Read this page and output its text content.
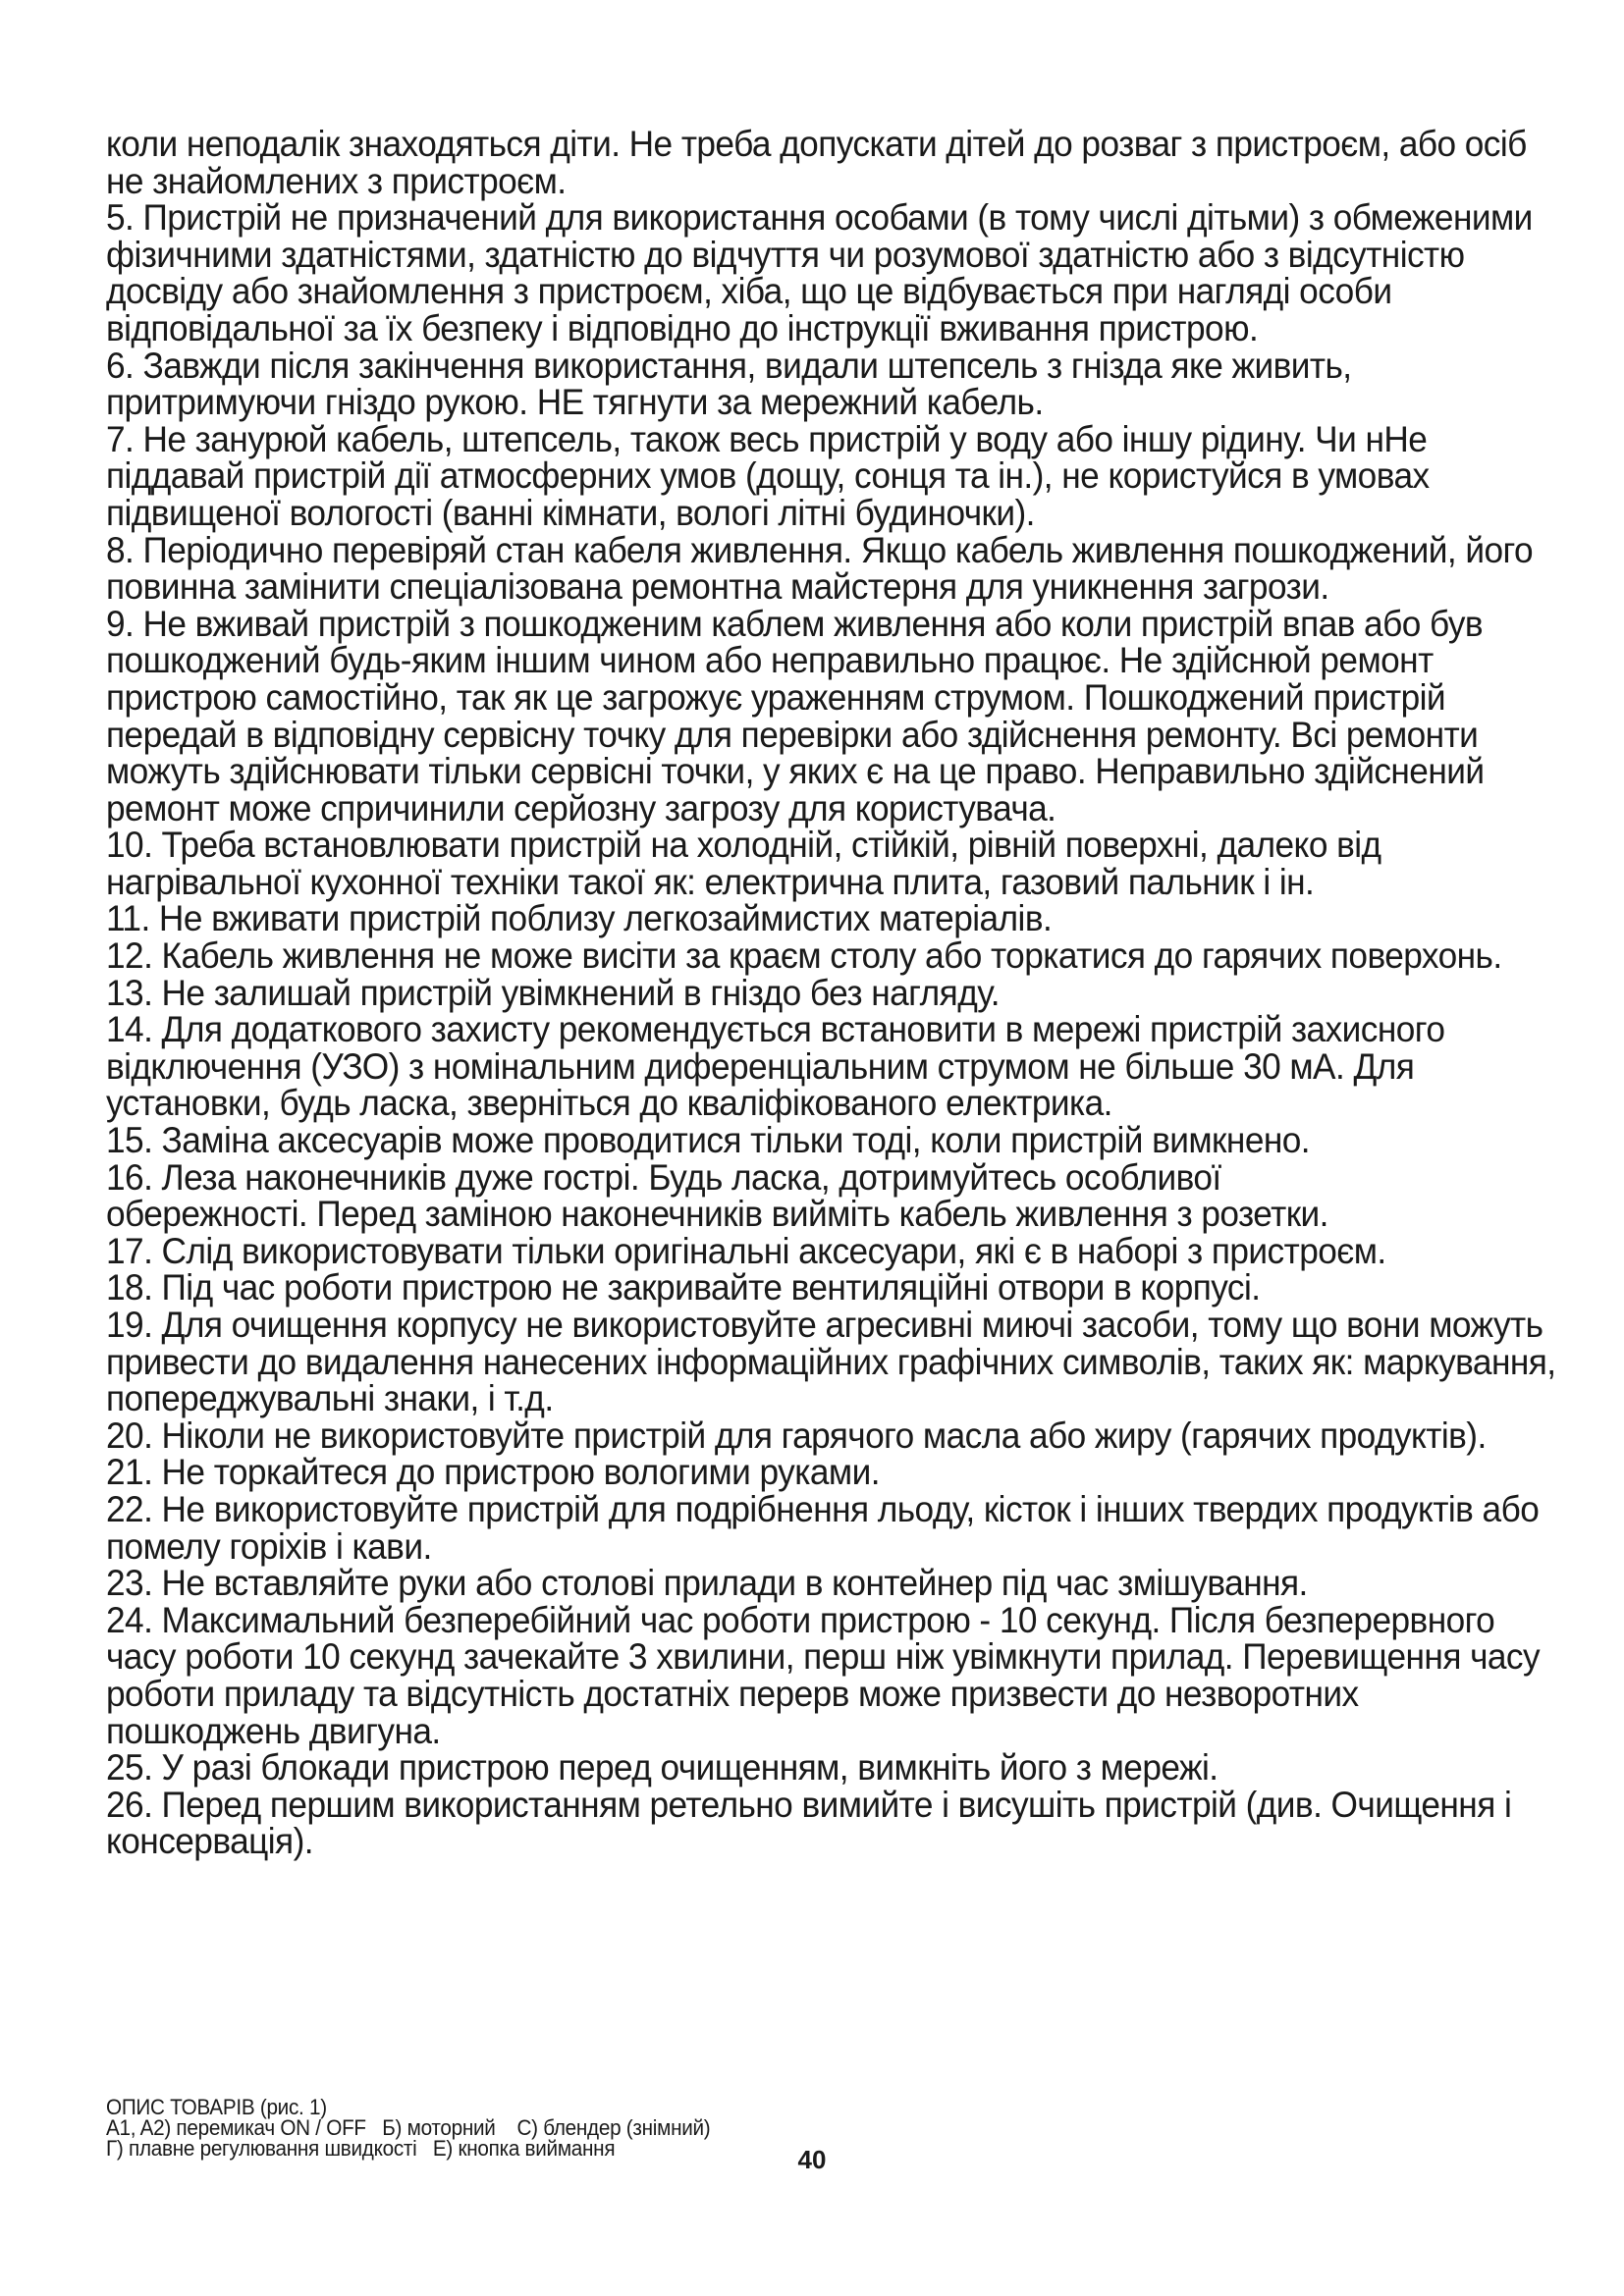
коли неподалік знаходяться діти. Не треба допускати дітей до розваг з пристроєм, або осіб не знайомлених з пристроєм.

5. Пристрій не призначений для використання особами (в тому числі дітьми) з обмеженими фізичними здатністями, здатністю до відчуття чи розумової здатністю або з відсутністю досвіду або знайомлення з пристроєм, хіба, що це відбувається при нагляді особи відповідальної за їх безпеку і відповідно до інструкції вживання пристрою.

6. Завжди після закінчення використання, видали штепсель з гнізда яке живить, притримуючи гніздо рукою. НЕ тягнути за мережний кабель.

7. Не занурюй кабель, штепсель, також весь пристрій у воду або іншу рідину. Чи нНе піддавай пристрій дії атмосферних умов (дощу, сонця та ін.), не користуйся в умовах підвищеної вологості (ванні кімнати, вологі літні будиночки).

8. Періодично перевіряй стан кабеля живлення. Якщо кабель живлення пошкоджений, його повинна замінити спеціалізована ремонтна майстерня для уникнення загрози.

9. Не вживай пристрій з пошкодженим каблем живлення або коли пристрій впав або був пошкоджений будь-яким іншим чином або неправильно працює. Не здійснюй ремонт пристрою самостійно, так як це загрожує ураженням струмом. Пошкоджений пристрій передай в відповідну сервісну точку для перевірки або здійснення ремонту. Всі ремонти можуть здійснювати тільки сервісні точки, у яких є на це право. Неправильно здійснений ремонт може спричинили серйозну загрозу для користувача.

10. Треба встановлювати пристрій на холодній, стійкій, рівній поверхні, далеко від нагрівальної кухонної техніки такої як: електрична плита, газовий пальник і ін.

11. Не вживати пристрій поблизу легкозаймистих матеріалів.

12. Кабель живлення не може висіти за краєм столу або торкатися до гарячих поверхонь.

13. Не залишай пристрій увімкнений в гніздо без нагляду.

14. Для додаткового захисту рекомендується встановити в мережі пристрій захисного відключення (УЗО) з номінальним диференціальним струмом не більше 30 мА. Для установки, будь ласка, зверніться до кваліфікованого електрика.

15. Заміна аксесуарів може проводитися тільки тоді, коли пристрій вимкнено.

16. Леза наконечників дуже гострі. Будь ласка, дотримуйтесь особливої

обережності. Перед заміною наконечників вийміть кабель живлення з розетки.

17. Слід використовувати тільки оригінальні аксесуари, які є в наборі з пристроєм.

18. Під час роботи пристрою не закривайте вентиляційні отвори в корпусі.

19. Для очищення корпусу не використовуйте агресивні миючі засоби, тому що вони можуть привести до видалення нанесених інформаційних графічних символів, таких як: маркування, попереджувальні знаки, і т.д.

20. Ніколи не використовуйте пристрій для гарячого масла або жиру (гарячих продуктів).

21. Не торкайтеся до пристрою вологими руками.

22. Не використовуйте пристрій для подрібнення льоду, кісток і інших твердих продуктів або помелу горіхів і кави.

23. Не вставляйте руки або столові прилади в контейнер під час змішування.

24. Максимальний безперебійний час роботи пристрою - 10 секунд. Після безперервного часу роботи 10 секунд зачекайте 3 хвилини, перш ніж увімкнути прилад. Перевищення часу роботи приладу та відсутність достатніх перерв може призвести до незворотних пошкоджень двигуна.

25. У разі блокади пристрою перед очищенням, вимкніть його з мережі.

26. Перед першим використанням ретельно вимийте і висушіть пристрій (див. Очищення і консервація).

ОПИС ТОВАРІВ (рис. 1)
A1, A2) перемикач ON / OFF   Б) моторний    C) блендер (знімний)
Г) плавне регулювання швидкості   E) кнопка виймання	40
